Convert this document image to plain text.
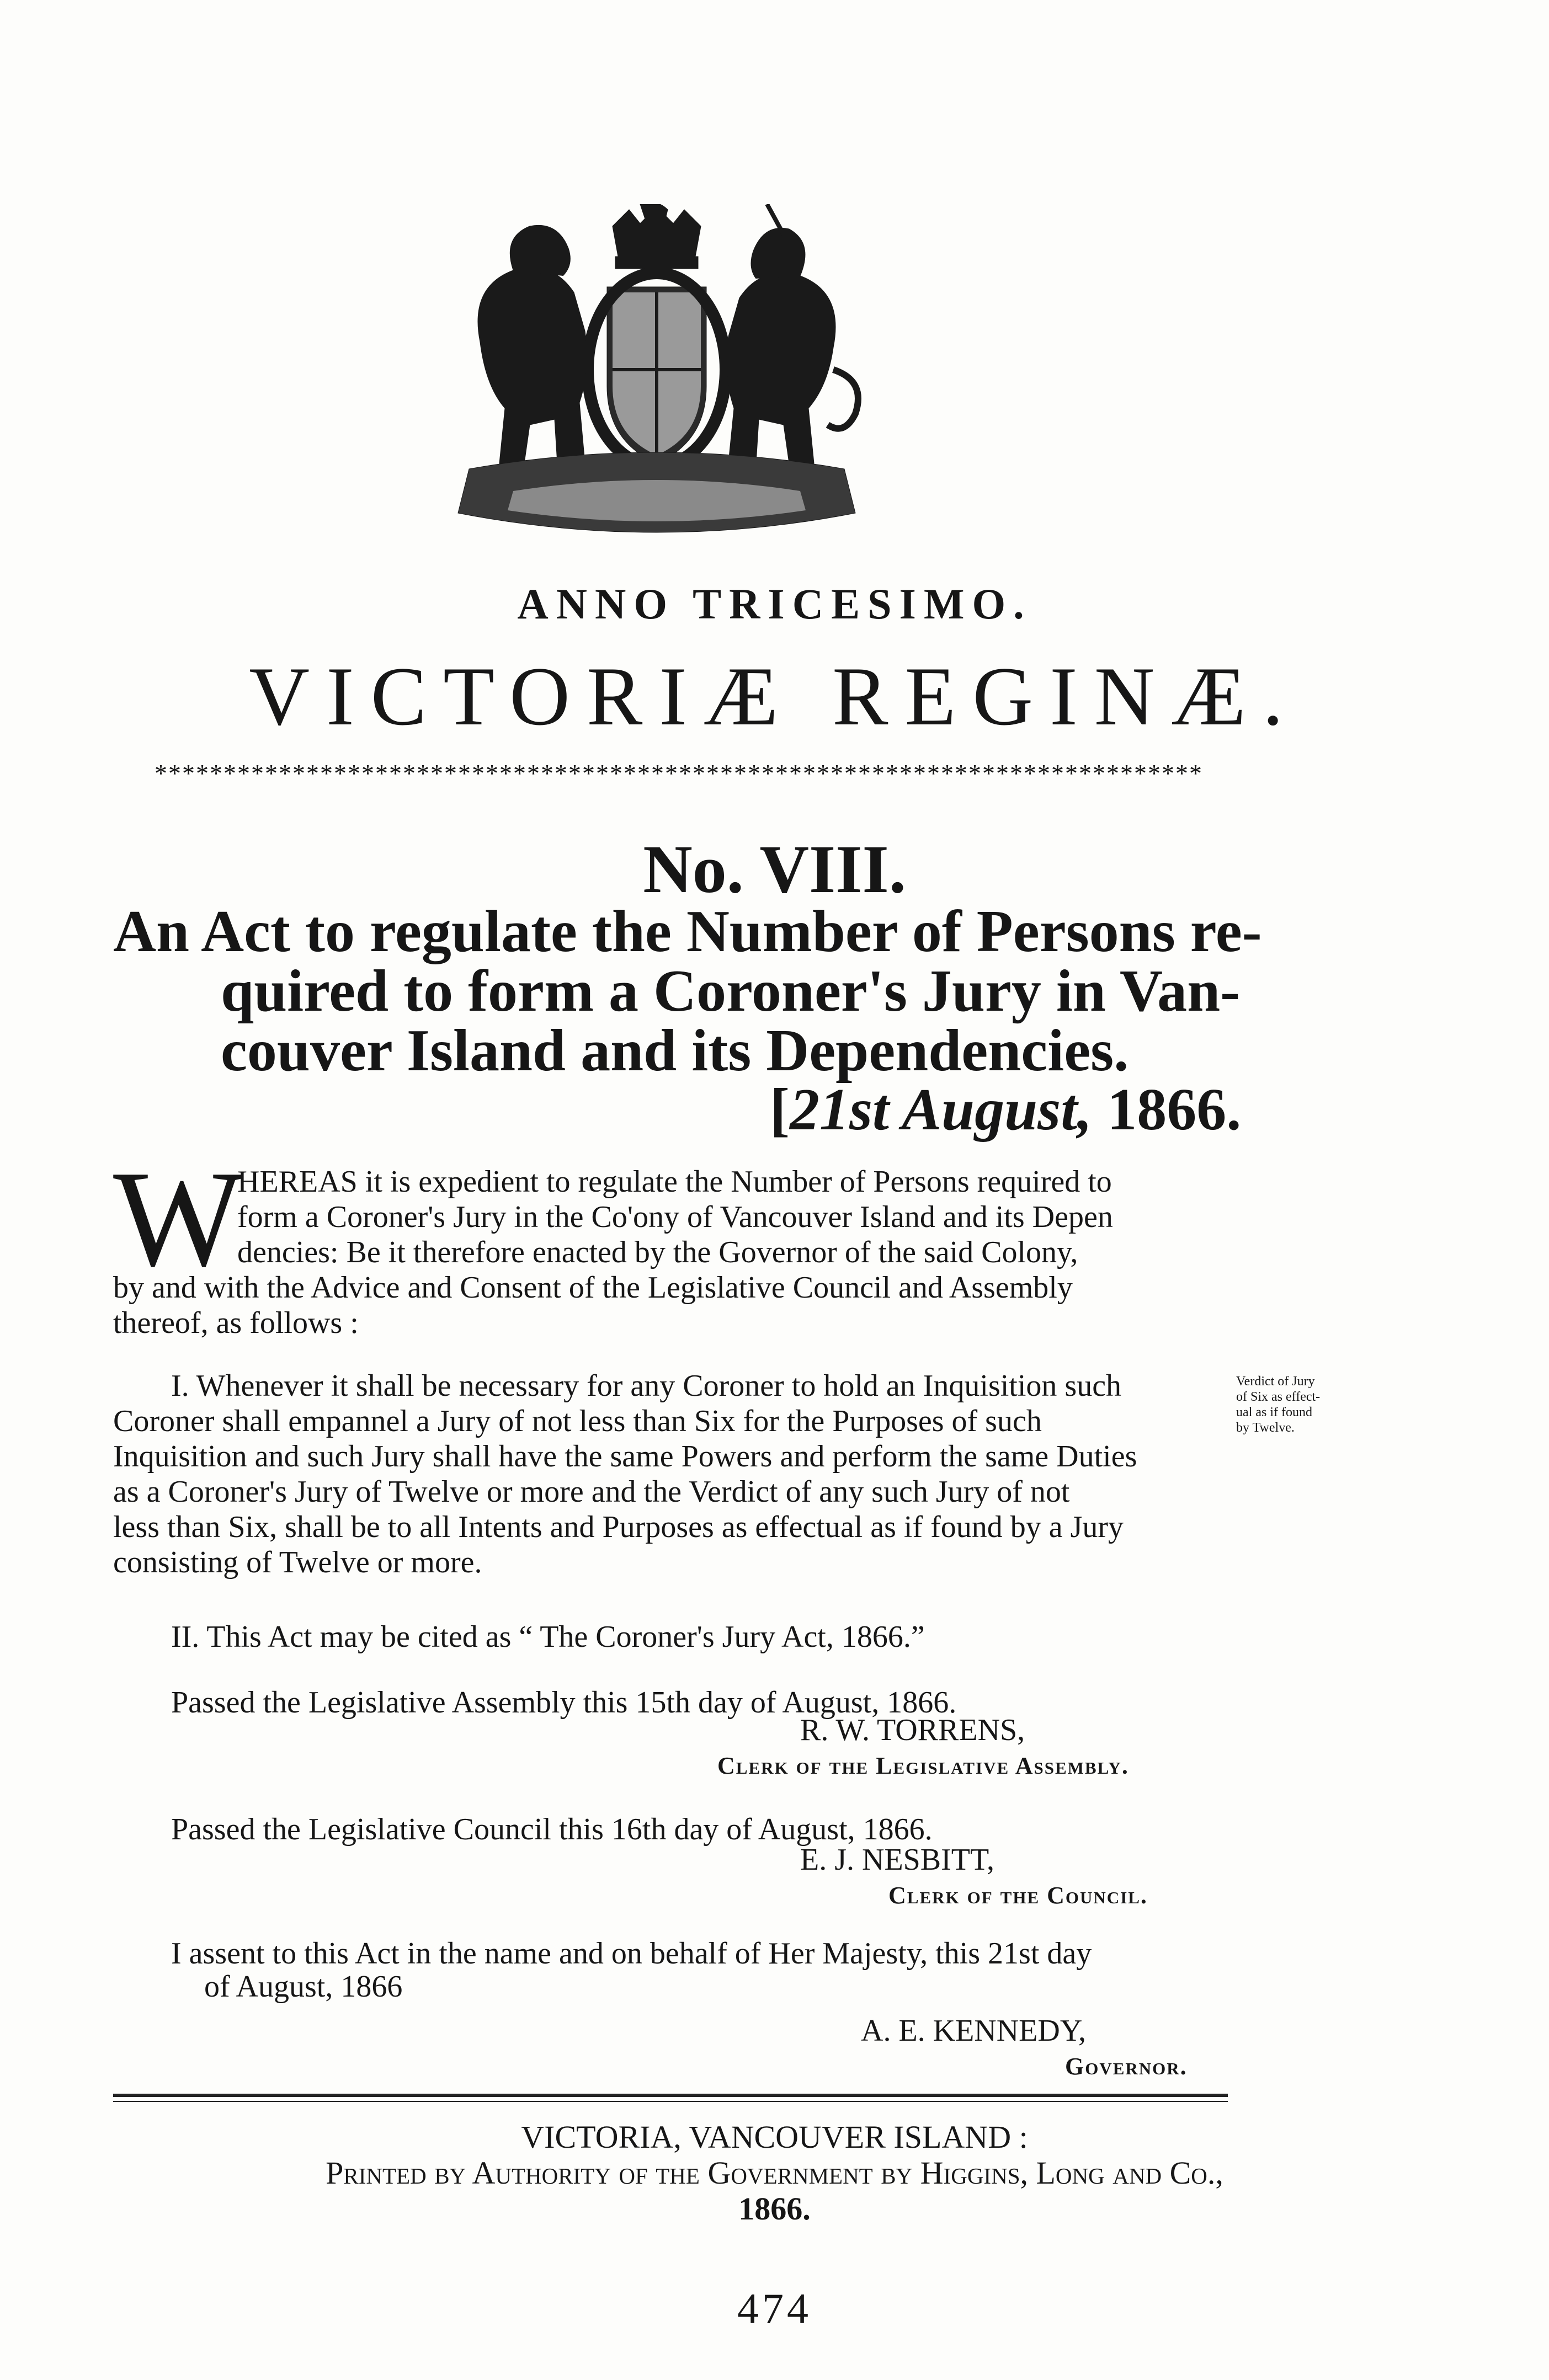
ANNO TRICESIMO.
VICTORIÆ REGINÆ.
****************************************************************************
No. VIII.
An Act to regulate the Number of Persons re-
quired to form a Coroner's Jury in Van-
couver Island and its Dependencies.
[21st August, 1866.
W
HEREAS it is expedient to regulate the Number of Persons required to
form a Coroner's Jury in the Co'ony of Vancouver Island and its Depen
dencies: Be it therefore enacted by the Governor of the said Colony,
by and with the Advice and Consent of the Legislative Council and Assembly
thereof, as follows :
I. Whenever it shall be necessary for any Coroner to hold an Inquisition such
Coroner shall empannel a Jury of not less than Six for the Purposes of such
Inquisition and such Jury shall have the same Powers and perform the same Duties
as a Coroner's Jury of Twelve or more and the Verdict of any such Jury of not
less than Six, shall be to all Intents and Purposes as effectual as if found by a Jury
consisting of Twelve or more.
Verdict of Jury
of Six as effect-
ual as if found
by Twelve.
II. This Act may be cited as “ The Coroner's Jury Act, 1866.”
Passed the Legislative Assembly this 15th day of August, 1866.
R. W. TORRENS,
Clerk of the Legislative Assembly.
Passed the Legislative Council this 16th day of August, 1866.
E. J. NESBITT,
Clerk of the Council.
I assent to this Act in the name and on behalf of Her Majesty, this 21st day
of August, 1866
A. E. KENNEDY,
Governor.
VICTORIA, VANCOUVER ISLAND :
Printed by Authority of the Government by Higgins, Long and Co.,
1866.
474
